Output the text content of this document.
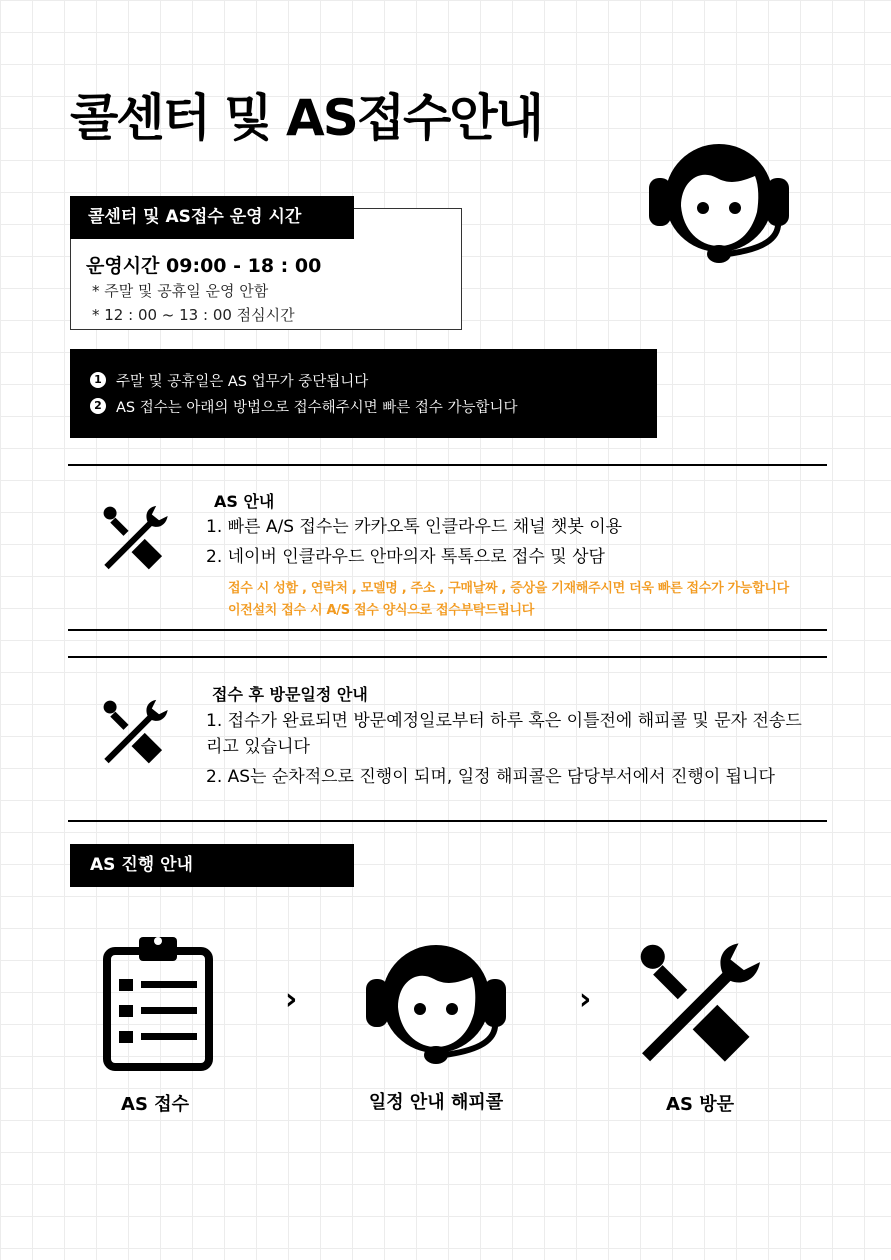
콜센터 및 AS접수안내
콜센터 및 AS접수 운영 시간
운영시간 09:00 - 18 : 00
* 주말 및 공휴일 운영 안함
* 12 : 00 ~ 13 : 00 점심시간
1 주말 및 공휴일은 AS 업무가 중단됩니다
2 AS 접수는 아래의 방법으로 접수해주시면 빠른 접수 가능합니다
AS 안내
1. 빠른 A/S 접수는 카카오톡 인클라우드 채널 챗봇 이용
2. 네이버 인클라우드 안마의자 톡톡으로 접수 및 상담
접수 시 성함 , 연락처 , 모델명 , 주소 , 구매날짜 , 증상을 기재해주시면 더욱 빠른 접수가 가능합니다
이전설치 접수 시 A/S 접수 양식으로 접수부탁드립니다
접수 후 방문일정 안내
1. 접수가 완료되면 방문예정일로부터 하루 혹은 이틀전에 해피콜 및 문자 전송드리고 있습니다
2. AS는 순차적으로 진행이 되며, 일정 해피콜은 담당부서에서 진행이 됩니다
AS 진행 안내
AS 접수
›
일정 안내 해피콜
›
AS 방문
